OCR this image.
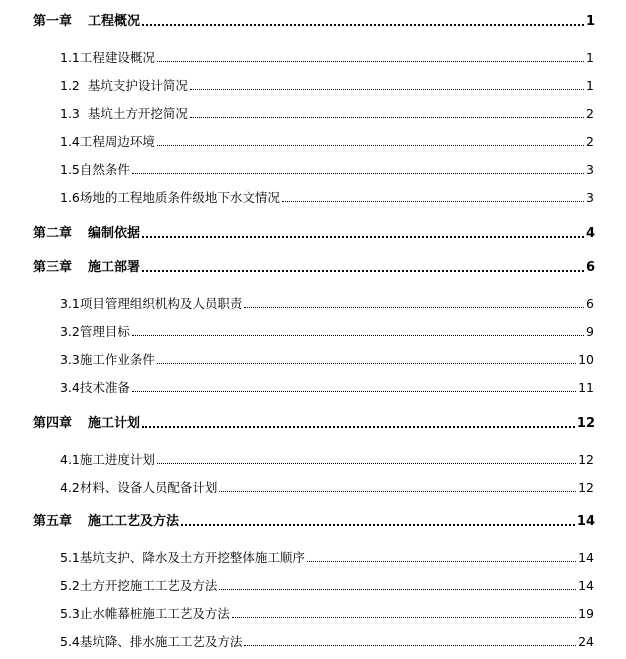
第一章 工程概况	1
1.1 工程建设概况	1
1.2 基坑支护设计简况	1
1.3 基坑土方开挖简况	2
1.4 工程周边环境	2
1.5 自然条件	3
1.6 场地的工程地质条件级地下水文情况	3
第二章 编制依据	4
第三章 施工部署	6
3.1 项目管理组织机构及人员职责	6
3.2 管理目标	9
3.3 施工作业条件	10
3.4 技术准备	11
第四章 施工计划	12
4.1 施工进度计划	12
4.2 材料、设备人员配备计划	12
第五章 施工工艺及方法	14
5.1 基坑支护、降水及土方开挖整体施工顺序	14
5.2 土方开挖施工工艺及方法	14
5.3 止水帷幕桩施工工艺及方法	19
5.4 基坑降、排水施工工艺及方法	24
